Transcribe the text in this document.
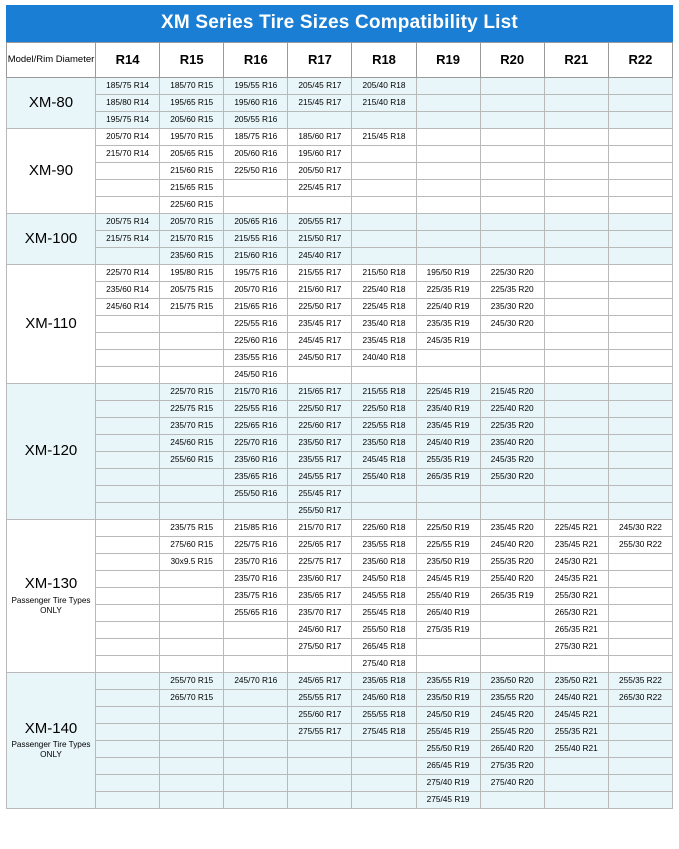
XM Series Tire Sizes Compatibility List
Model/Rim Diameter	R14	R15	R16	R17	R18	R19	R20	R21	R22
XM-80	185/75 R14	185/70 R15	195/55 R16	205/45 R17	205/40 R18				
	185/80 R14	195/65 R15	195/60 R16	215/45 R17	215/40 R18				
	195/75 R14	205/60 R15	205/55 R16						
XM-90	205/70 R14	195/70 R15	185/75 R16	185/60 R17	215/45 R18				
	215/70 R14	205/65 R15	205/60 R16	195/60 R17					
		215/60 R15	225/50 R16	205/50 R17					
		215/65 R15		225/45 R17					
		225/60 R15							
XM-100	205/75 R14	205/70 R15	205/65 R16	205/55 R17					
	215/75 R14	215/70 R15	215/55 R16	215/50 R17					
		235/60 R15	215/60 R16	245/40 R17					
XM-110	225/70 R14	195/80 R15	195/75 R16	215/55 R17	215/50 R18	195/50 R19	225/30 R20		
	235/60 R14	205/75 R15	205/70 R16	215/60 R17	225/40 R18	225/35 R19	225/35 R20		
	245/60 R14	215/75 R15	215/65 R16	225/50 R17	225/45 R18	225/40 R19	235/30 R20		
			225/55 R16	235/45 R17	235/40 R18	235/35 R19	245/30 R20		
			225/60 R16	245/45 R17	235/45 R18	245/35 R19			
			235/55 R16	245/50 R17	240/40 R18				
			245/50 R16						
XM-120		225/70 R15	215/70 R16	215/65 R17	215/55 R18	225/45 R19	215/45 R20		
		225/75 R15	225/55 R16	225/50 R17	225/50 R18	235/40 R19	225/40 R20		
		235/70 R15	225/65 R16	225/60 R17	225/55 R18	235/45 R19	225/35 R20		
		245/60 R15	225/70 R16	235/50 R17	235/50 R18	245/40 R19	235/40 R20		
		255/60 R15	235/60 R16	235/55 R17	245/45 R18	255/35 R19	245/35 R20		
			235/65 R16	245/55 R17	255/40 R18	265/35 R19	255/30 R20		
			255/50 R16	255/45 R17					
				255/50 R17					
XM-130
Passenger Tire Types ONLY		235/75 R15	215/85 R16	215/70 R17	225/60 R18	225/50 R19	235/45 R20	225/45 R21	245/30 R22
		275/60 R15	225/75 R16	225/65 R17	235/55 R18	225/55 R19	245/40 R20	235/45 R21	255/30 R22
		30x9.5 R15	235/70 R16	225/75 R17	235/60 R18	235/50 R19	255/35 R20	245/30 R21	
			235/70 R16	235/60 R17	245/50 R18	245/45 R19	255/40 R20	245/35 R21	
			235/75 R16	235/65 R17	245/55 R18	255/40 R19	265/35 R19	255/30 R21	
			255/65 R16	235/70 R17	255/45 R18	265/40 R19		265/30 R21	
				245/60 R17	255/50 R18	275/35 R19		265/35 R21	
				275/50 R17	265/45 R18			275/30 R21	
					275/40 R18				
XM-140
Passenger Tire Types ONLY		255/70 R15	245/70 R16	245/65 R17	235/65 R18	235/55 R19	235/50 R20	235/50 R21	255/35 R22
		265/70 R15		255/55 R17	245/60 R18	235/50 R19	235/55 R20	245/40 R21	265/30 R22
				255/60 R17	255/55 R18	245/50 R19	245/45 R20	245/45 R21	
				275/55 R17	275/45 R18	255/45 R19	255/45 R20	255/35 R21	
						255/50 R19	265/40 R20	255/40 R21	
						265/45 R19	275/35 R20		
						275/40 R19	275/40 R20		
						275/45 R19			
